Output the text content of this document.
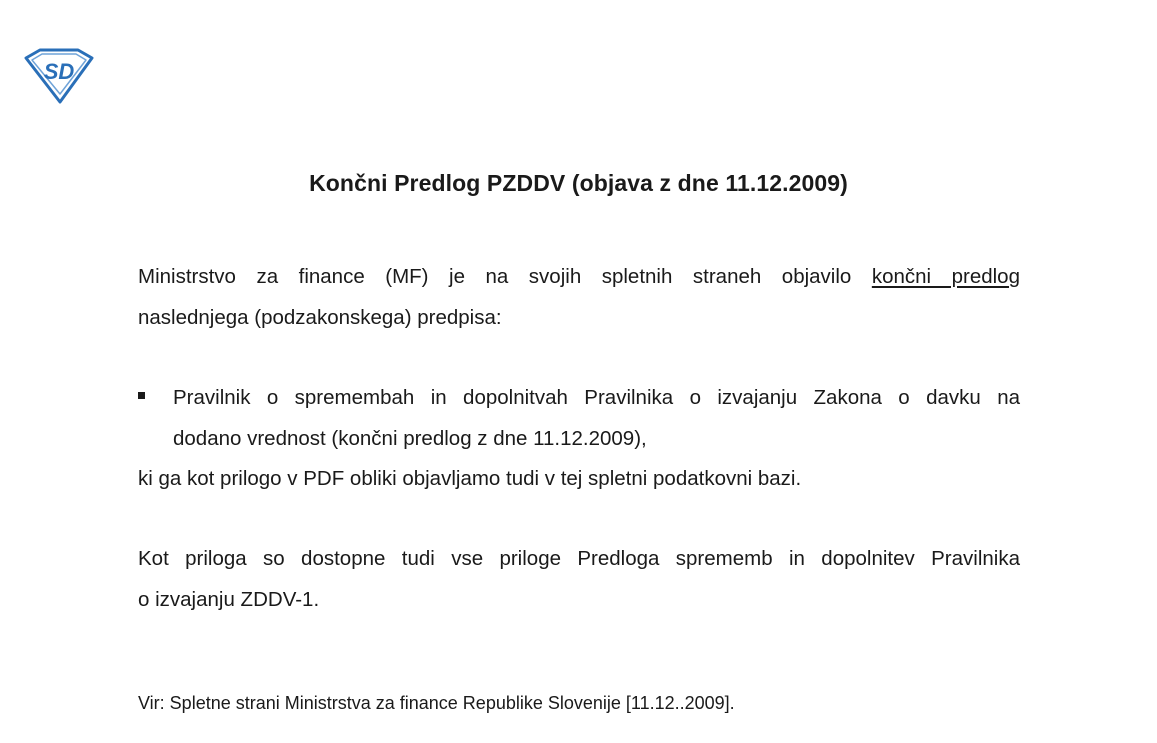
SD
Končni Predlog PZDDV (objava z dne 11.12.2009)
Ministrstvo za finance (MF) je na svojih spletnih straneh objavilo končni predlog
naslednjega (podzakonskega) predpisa:
Pravilnik o spremembah in dopolnitvah Pravilnika o izvajanju Zakona o davku na
dodano vrednost (končni predlog z dne 11.12.2009),
ki ga kot prilogo v PDF obliki objavljamo tudi v tej spletni podatkovni bazi.
Kot priloga so dostopne tudi vse priloge Predloga sprememb in dopolnitev Pravilnika
o izvajanju ZDDV-1.

Vir: Spletne strani Ministrstva za finance Republike Slovenije [11.12..2009].
